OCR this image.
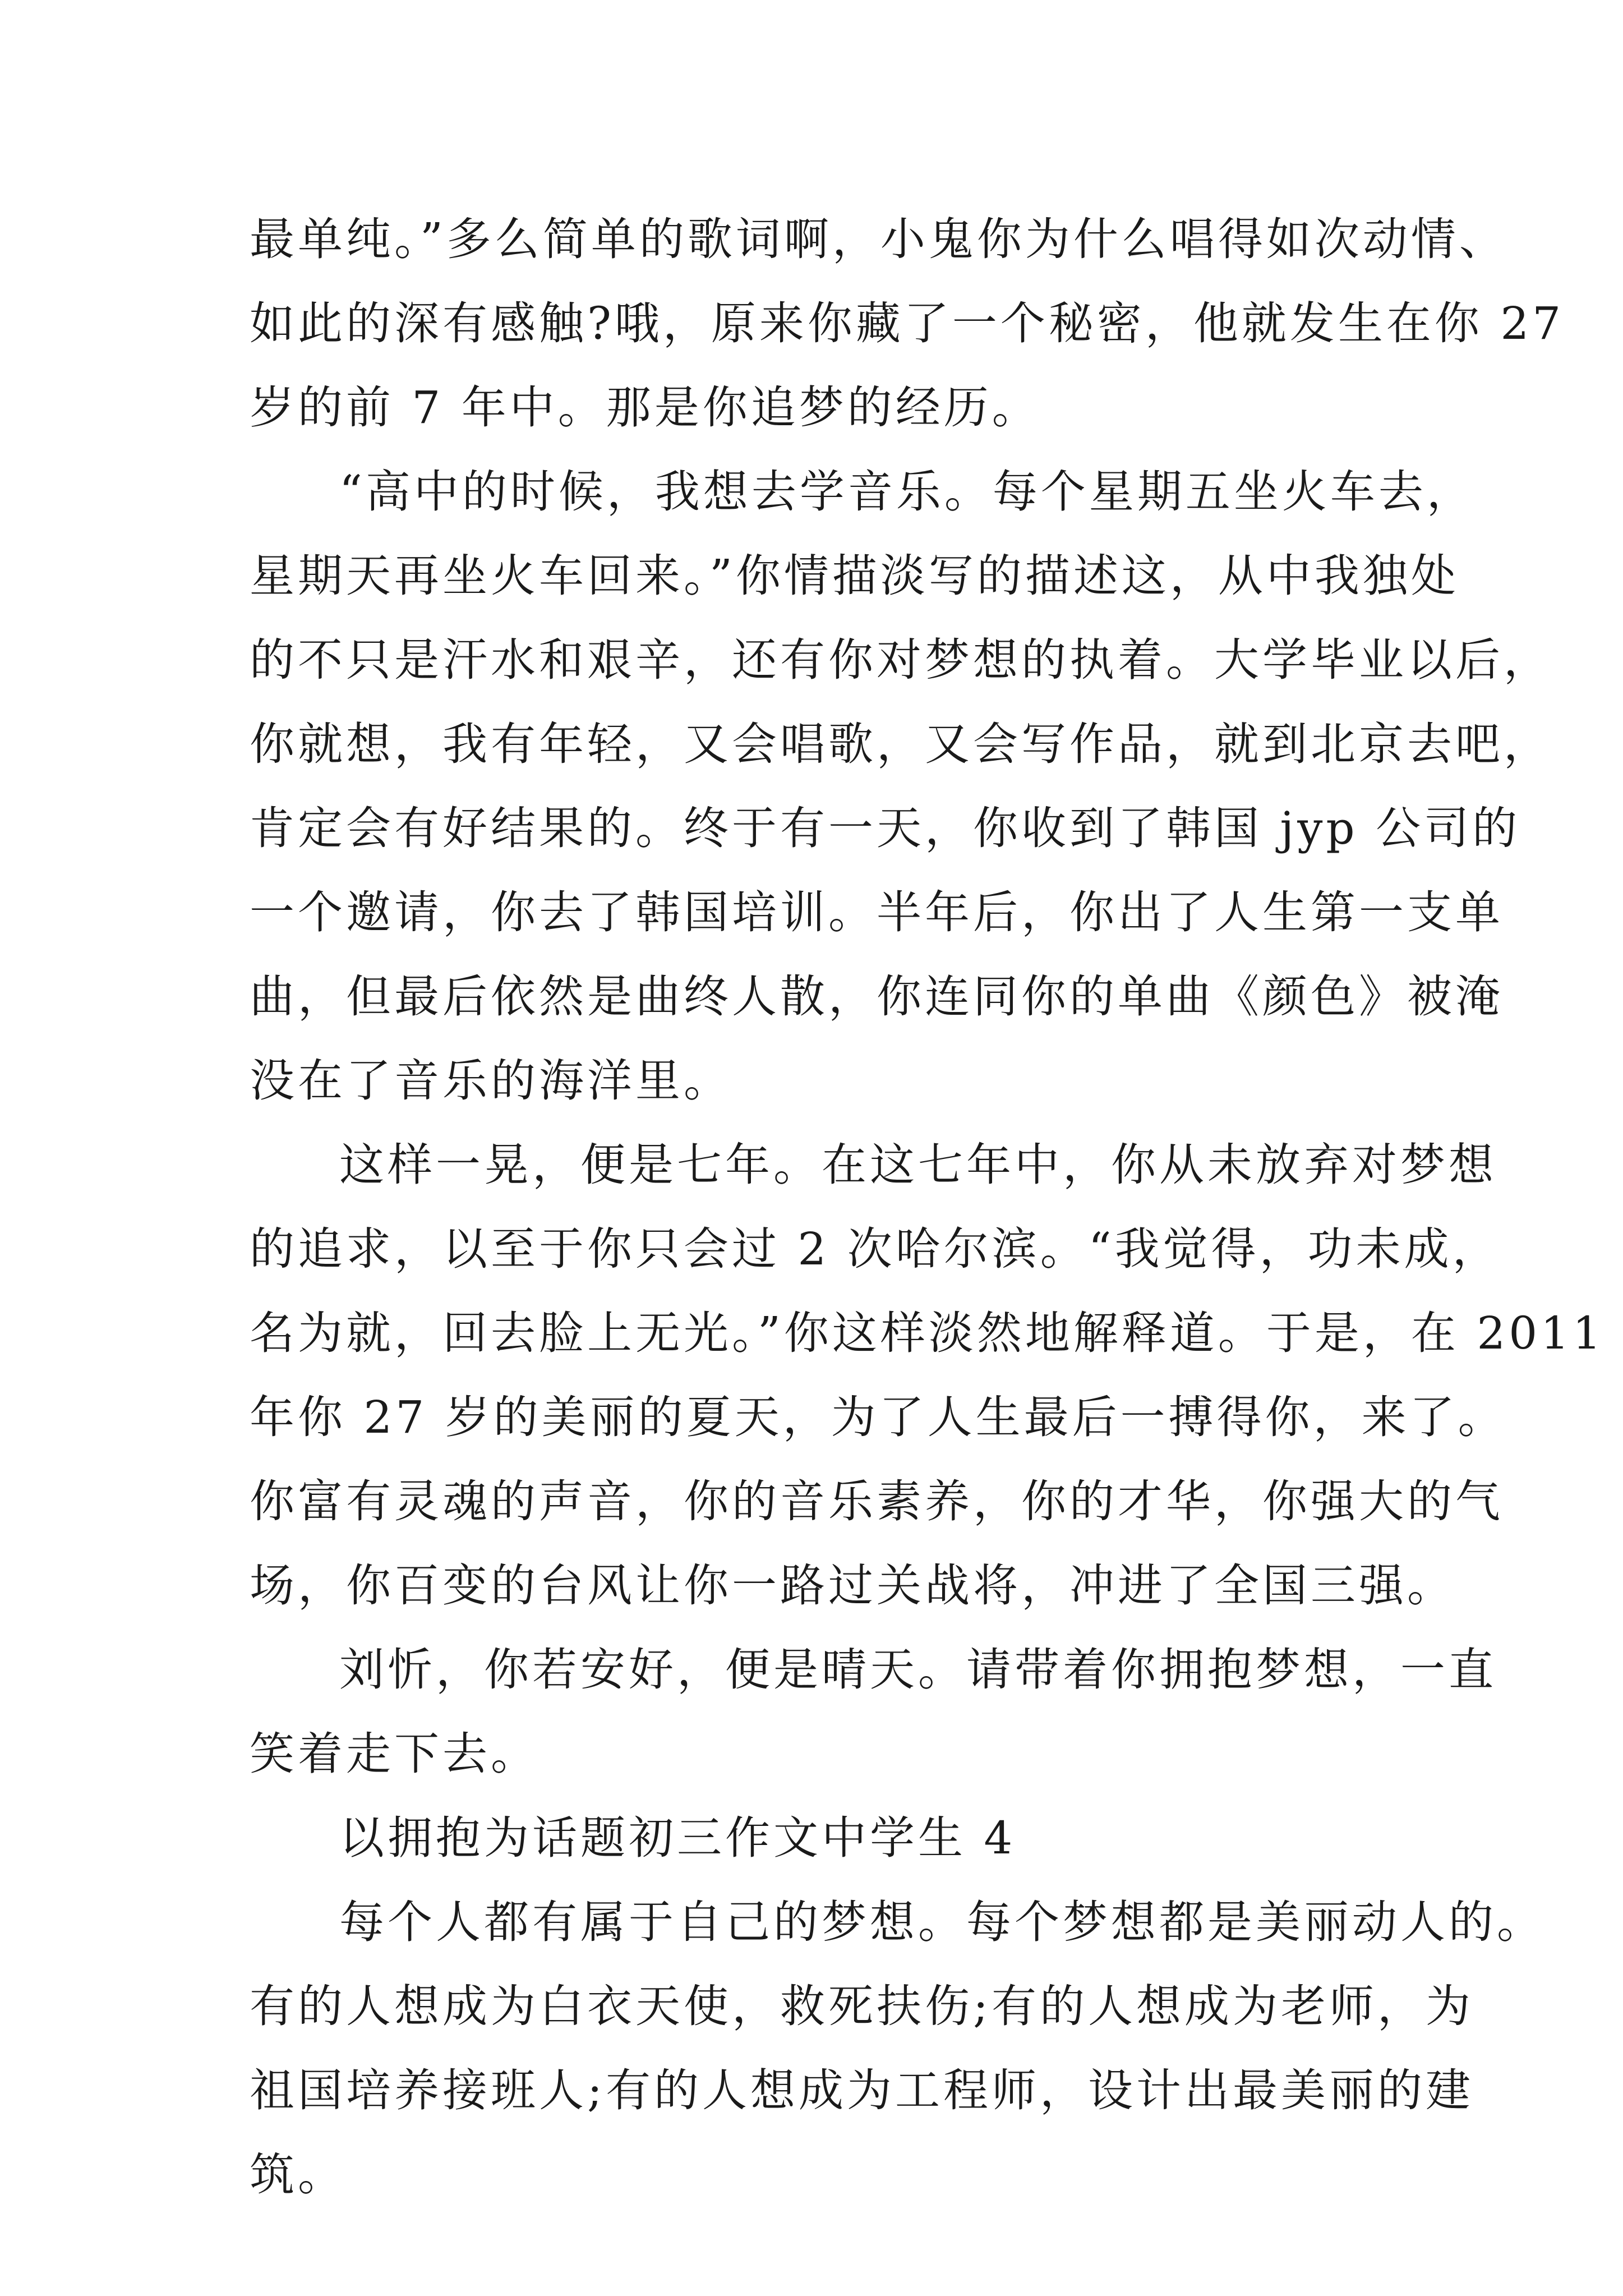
最单纯。”多么简单的歌词啊，小鬼你为什么唱得如次动情、
如此的深有感触?哦，原来你藏了一个秘密，他就发生在你 27
岁的前 7 年中。那是你追梦的经历。
“高中的时候，我想去学音乐。每个星期五坐火车去，
星期天再坐火车回来。”你情描淡写的描述这，从中我独处
的不只是汗水和艰辛，还有你对梦想的执着。大学毕业以后，
你就想，我有年轻，又会唱歌，又会写作品，就到北京去吧，
肯定会有好结果的。终于有一天，你收到了韩国 jyp 公司的
一个邀请，你去了韩国培训。半年后，你出了人生第一支单
曲，但最后依然是曲终人散，你连同你的单曲《颜色》被淹
没在了音乐的海洋里。
这样一晃，便是七年。在这七年中，你从未放弃对梦想
的追求，以至于你只会过 2 次哈尔滨。“我觉得，功未成，
名为就，回去脸上无光。”你这样淡然地解释道。于是，在 2011
年你 27 岁的美丽的夏天，为了人生最后一搏得你，来了。
你富有灵魂的声音，你的音乐素养，你的才华，你强大的气
场，你百变的台风让你一路过关战将，冲进了全国三强。
刘忻，你若安好，便是晴天。请带着你拥抱梦想，一直
笑着走下去。
以拥抱为话题初三作文中学生 4
每个人都有属于自己的梦想。每个梦想都是美丽动人的。
有的人想成为白衣天使，救死扶伤;有的人想成为老师，为
祖国培养接班人;有的人想成为工程师，设计出最美丽的建
筑。
